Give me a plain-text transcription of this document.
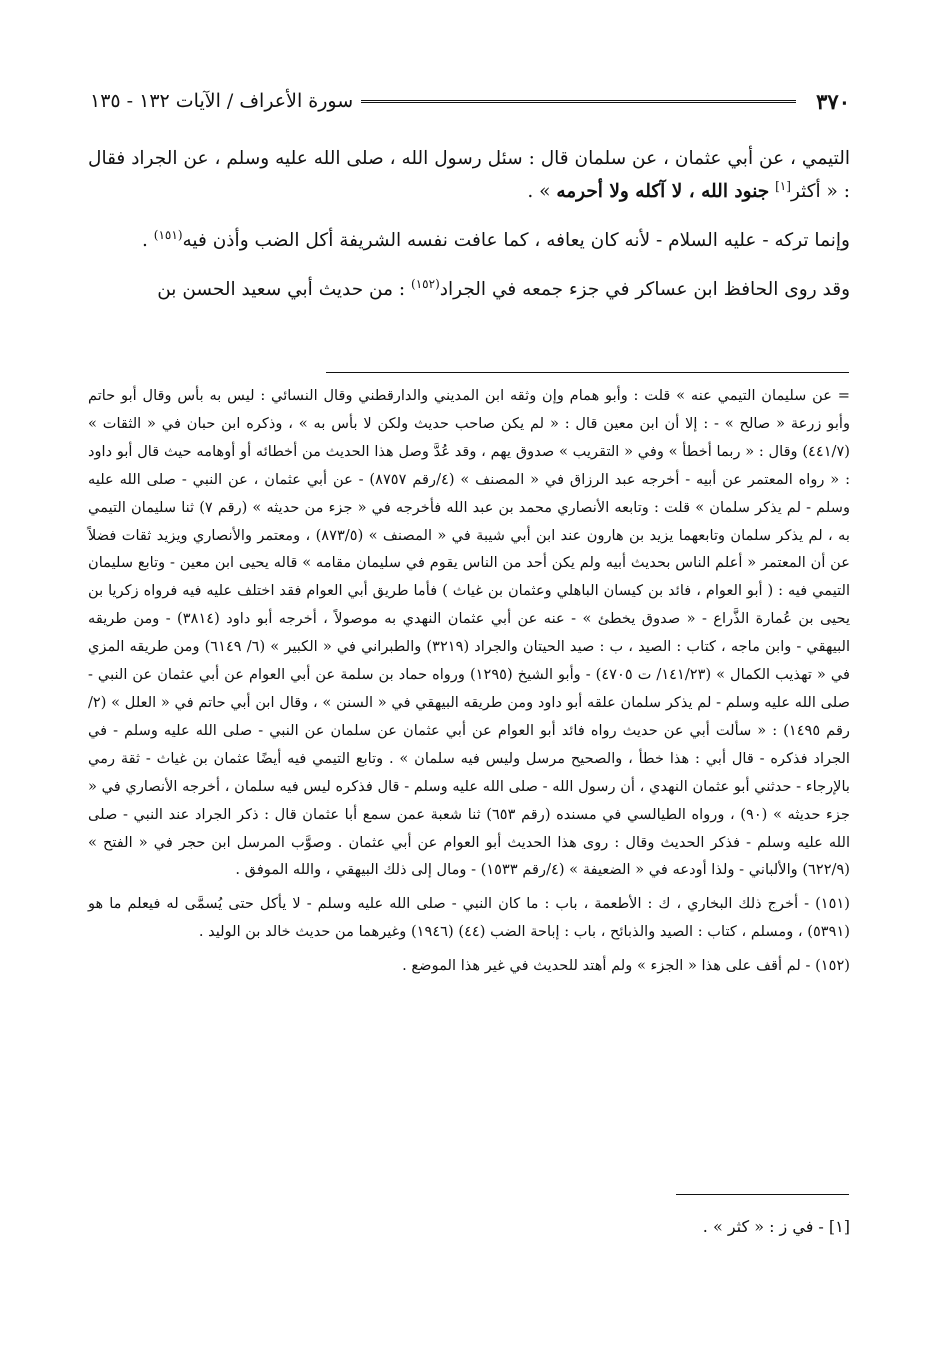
٣٧٠
سورة الأعراف / الآيات ١٣٢ - ١٣٥

التيمي ، عن أبي عثمان ، عن سلمان قال : سئل رسول الله ، صلى الله عليه وسلم ، عن الجراد فقال : « أكثر[١] جنود الله ، لا آكله ولا أحرمه » .

وإنما تركه - عليه السلام - لأنه كان يعافه ، كما عافت نفسه الشريفة أكل الضب وأذن فيه$^{(١٥١)}$ .

وقد روى الحافظ ابن عساكر في جزء جمعه في الجراد$^{(١٥٢)}$ : من حديث أبي سعيد الحسن بن

= عن سليمان التيمي عنه » قلت : وأبو همام وإن وثقه ابن المديني والدارقطني وقال النسائي : ليس به بأس وقال أبو حاتم وأبو زرعة « صالح » - : إلا أن ابن معين قال : « لم يكن صاحب حديث ولكن لا بأس به » ، وذكره ابن حبان في « الثقات » (٤٤١/٧) وقال : « ربما أخطأ » وفي « التقريب » صدوق يهم ، وقد عُدَّ وصل هذا الحديث من أخطائه أو أوهامه حيث قال أبو داود : « رواه المعتمر عن أبيه - أخرجه عبد الرزاق في « المصنف » (٤/رقم ٨٧٥٧) - عن أبي عثمان ، عن النبي - صلى الله عليه وسلم - لم يذكر سلمان » قلت : وتابعه الأنصاري محمد بن عبد الله فأخرجه في « جزء من حديثه » (رقم ٧) ثنا سليمان التيمي به ، لم يذكر سلمان وتابعهما يزيد بن هارون عند ابن أبي شيبة في « المصنف » (٨٧٣/٥) ، ومعتمر والأنصاري ويزيد ثقات فضلاً عن أن المعتمر « أعلم الناس بحديث أبيه ولم يكن أحد من الناس يقوم في سليمان مقامه » قاله يحيى ابن معين - وتابع سليمان التيمي فيه : ( أبو العوام ، فائد بن كيسان الباهلي وعثمان بن غياث ) فأما طريق أبي العوام فقد اختلف عليه فيه فرواه زكريا بن يحيى بن عُمارة الذَّراع - « صدوق يخطئ » - عنه عن أبي عثمان النهدي به موصولاً ، أخرجه أبو داود (٣٨١٤) - ومن طريقه البيهقي - وابن ماجه ، كتاب : الصيد ، ب : صيد الحيتان والجراد (٣٢١٩) والطبراني في « الكبير » (٦/ ٦١٤٩) ومن طريقه المزي في « تهذيب الكمال » (١٤١/٢٣/ ت ٤٧٠٥) - وأبو الشيخ (١٢٩٥) ورواه حماد بن سلمة عن أبي العوام عن أبي عثمان عن النبي - صلى الله عليه وسلم - لم يذكر سلمان علقه أبو داود ومن طريقه البيهقي في « السنن » ، وقال ابن أبي حاتم في « العلل » (٢/رقم ١٤٩٥) : « سألت أبي عن حديث رواه فائد أبو العوام عن أبي عثمان عن سلمان عن النبي - صلى الله عليه وسلم - في الجراد فذكره - قال أبي : هذا خطأ ، والصحيح مرسل وليس فيه سلمان » . وتابع التيمي فيه أيضًا عثمان بن غياث - ثقة رمي بالإرجاء - حدثني أبو عثمان النهدي ، أن رسول الله - صلى الله عليه وسلم - قال فذكره ليس فيه سلمان ، أخرجه الأنصاري في « جزء حديثه » (٩٠) ، ورواه الطيالسي في مسنده (رقم ٦٥٣) ثنا شعبة عمن سمع أبا عثمان قال : ذكر الجراد عند النبي - صلى الله عليه وسلم - فذكر الحديث وقال : روى هذا الحديث أبو العوام عن أبي عثمان . وصوَّب المرسل ابن حجر في « الفتح » (٦٢٢/٩) والألباني - ولذا أودعه في « الضعيفة » (٤/رقم ١٥٣٣) - ومال إلى ذلك البيهقي ، والله الموفق .

(١٥١) - أخرج ذلك البخاري ، ك : الأطعمة ، باب : ما كان النبي - صلى الله عليه وسلم - لا يأكل حتى يُسمَّى له فيعلم ما هو (٥٣٩١) ، ومسلم ، كتاب : الصيد والذبائح ، باب : إباحة الضب (٤٤) (١٩٤٦) وغيرهما من حديث خالد بن الوليد .

(١٥٢) - لم أقف على هذا « الجزء » ولم أهتد للحديث في غير هذا الموضع .

[١] - في ز : « كثر » .
